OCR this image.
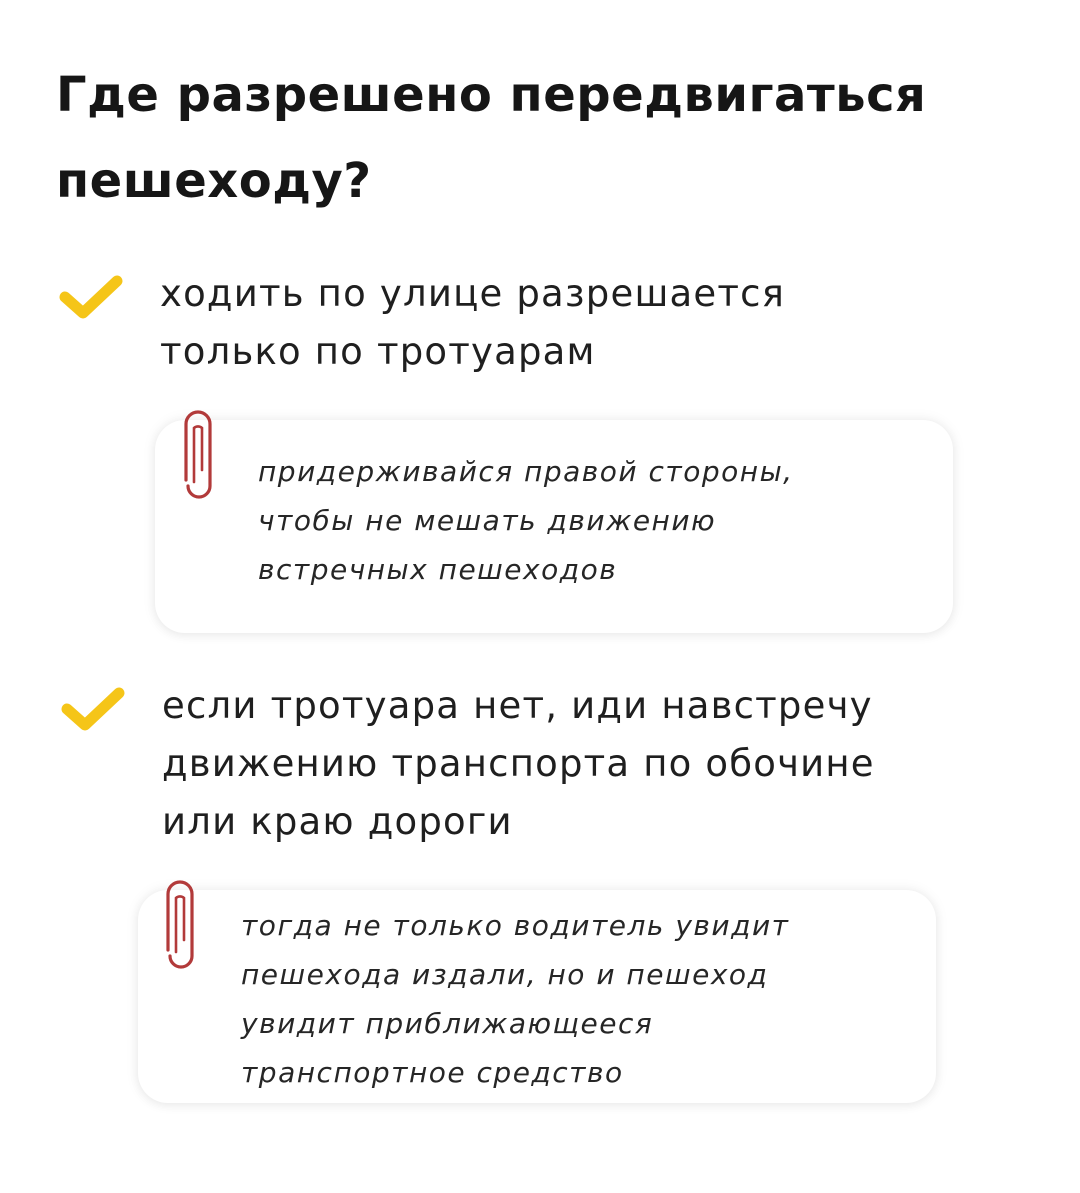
Где разрешено передвигаться
пешеходу?
ходить по улице разрешается
только по тротуарам
придерживайся правой стороны,
чтобы не мешать движению
встречных пешеходов
если тротуара нет, иди навстречу
движению транспорта по обочине
или краю дороги
тогда не только водитель увидит
пешехода издали, но и пешеход
увидит приближающееся
транспортное средство
